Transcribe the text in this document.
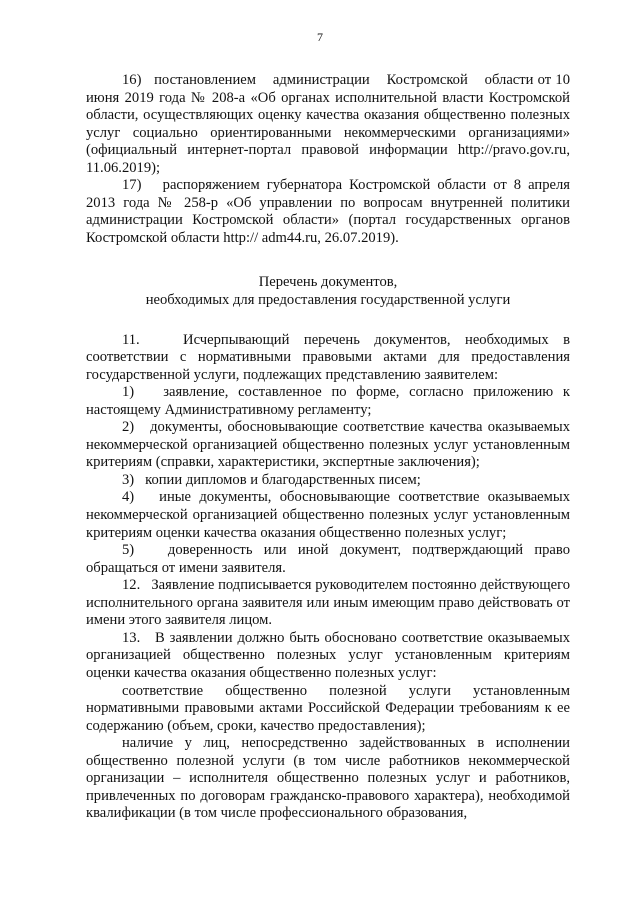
7

16)   постановлением    администрации    Костромской    области от 10 июня 2019 года № 208-а «Об органах исполнительной власти Костромской области, осуществляющих оценку качества оказания общественно полезных услуг социально ориентированными некоммерческими организациями» (официальный интернет-портал правовой информации http://pravo.gov.ru, 11.06.2019);

17)   распоряжением губернатора Костромской области от 8 апреля 2013 года № 258-р «Об управлении по вопросам внутренней политики администрации Костромской области» (портал государственных органов Костромской области http:// adm44.ru, 26.07.2019).

Перечень документов,

необходимых для предоставления государственной услуги

11.   Исчерпывающий перечень документов, необходимых в соответствии с нормативными правовыми актами для предоставления государственной услуги, подлежащих представлению заявителем:

1)   заявление, составленное по форме, согласно приложению к настоящему Административному регламенту;

2)   документы, обосновывающие соответствие качества оказываемых некоммерческой организацией общественно полезных услуг установленным критериям (справки, характеристики, экспертные заключения);

3)   копии дипломов и благодарственных писем;

4)   иные документы, обосновывающие соответствие оказываемых некоммерческой организацией общественно полезных услуг установленным критериям оценки качества оказания общественно полезных услуг;

5)   доверенность или иной документ, подтверждающий право обращаться от имени заявителя.

12.   Заявление подписывается руководителем постоянно действующего исполнительного органа заявителя или иным имеющим право действовать от имени этого заявителя лицом.

13.   В заявлении должно быть обосновано соответствие оказываемых организацией общественно полезных услуг установленным критериям оценки качества оказания общественно полезных услуг:

соответствие общественно полезной услуги установленным нормативными правовыми актами Российской Федерации требованиям к ее содержанию (объем, сроки, качество предоставления);

наличие у лиц, непосредственно задействованных в исполнении общественно полезной услуги (в том числе работников некоммерческой организации – исполнителя общественно полезных услуг и работников, привлеченных по договорам гражданско-правового характера), необходимой квалификации (в том числе профессионального образования,
